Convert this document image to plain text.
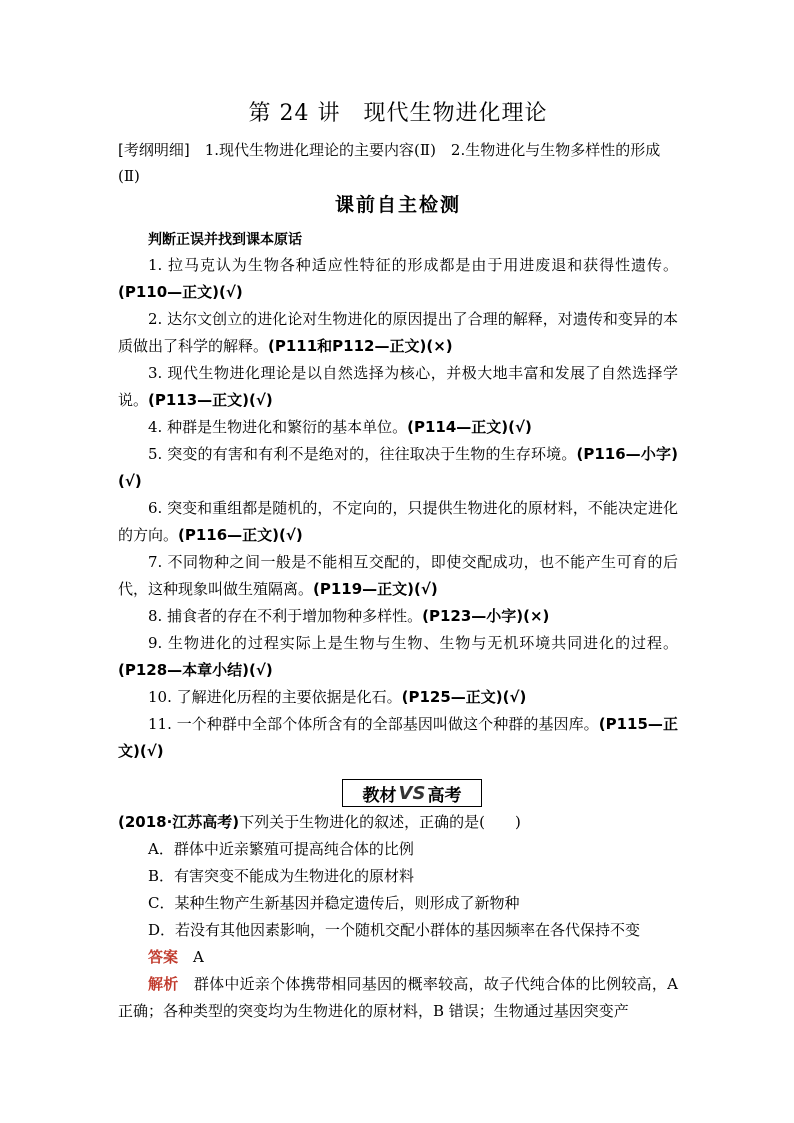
第 24 讲　现代生物进化理论
[考纲明细]　1.现代生物进化理论的主要内容(Ⅱ)　2.生物进化与生物多样性的形成(Ⅱ)
课前自主检测
判断正误并找到课本原话

1. 拉马克认为生物各种适应性特征的形成都是由于用进废退和获得性遗传。(P110—正文)(√)

2. 达尔文创立的进化论对生物进化的原因提出了合理的解释，对遗传和变异的本质做出了科学的解释。(P111和P112—正文)(×)

3. 现代生物进化理论是以自然选择为核心，并极大地丰富和发展了自然选择学说。(P113—正文)(√)

4. 种群是生物进化和繁衍的基本单位。(P114—正文)(√)

5. 突变的有害和有利不是绝对的，往往取决于生物的生存环境。(P116—小字)(√)

6. 突变和重组都是随机的，不定向的，只提供生物进化的原材料，不能决定进化的方向。(P116—正文)(√)

7. 不同物种之间一般是不能相互交配的，即使交配成功，也不能产生可育的后代，这种现象叫做生殖隔离。(P119—正文)(√)

8. 捕食者的存在不利于增加物种多样性。(P123—小字)(×)

9. 生物进化的过程实际上是生物与生物、生物与无机环境共同进化的过程。(P128—本章小结)(√)

10. 了解进化历程的主要依据是化石。(P125—正文)(√)

11. 一个种群中全部个体所含有的全部基因叫做这个种群的基因库。(P115—正文)(√)

教材 VS 高考

(2018·江苏高考)下列关于生物进化的叙述，正确的是(　　)

A．群体中近亲繁殖可提高纯合体的比例

B．有害突变不能成为生物进化的原材料

C．某种生物产生新基因并稳定遗传后，则形成了新物种

D．若没有其他因素影响，一个随机交配小群体的基因频率在各代保持不变

答案　A

解析　群体中近亲个体携带相同基因的概率较高，故子代纯合体的比例较高，A 正确；各种类型的突变均为生物进化的原材料，B 错误；生物通过基因突变产
